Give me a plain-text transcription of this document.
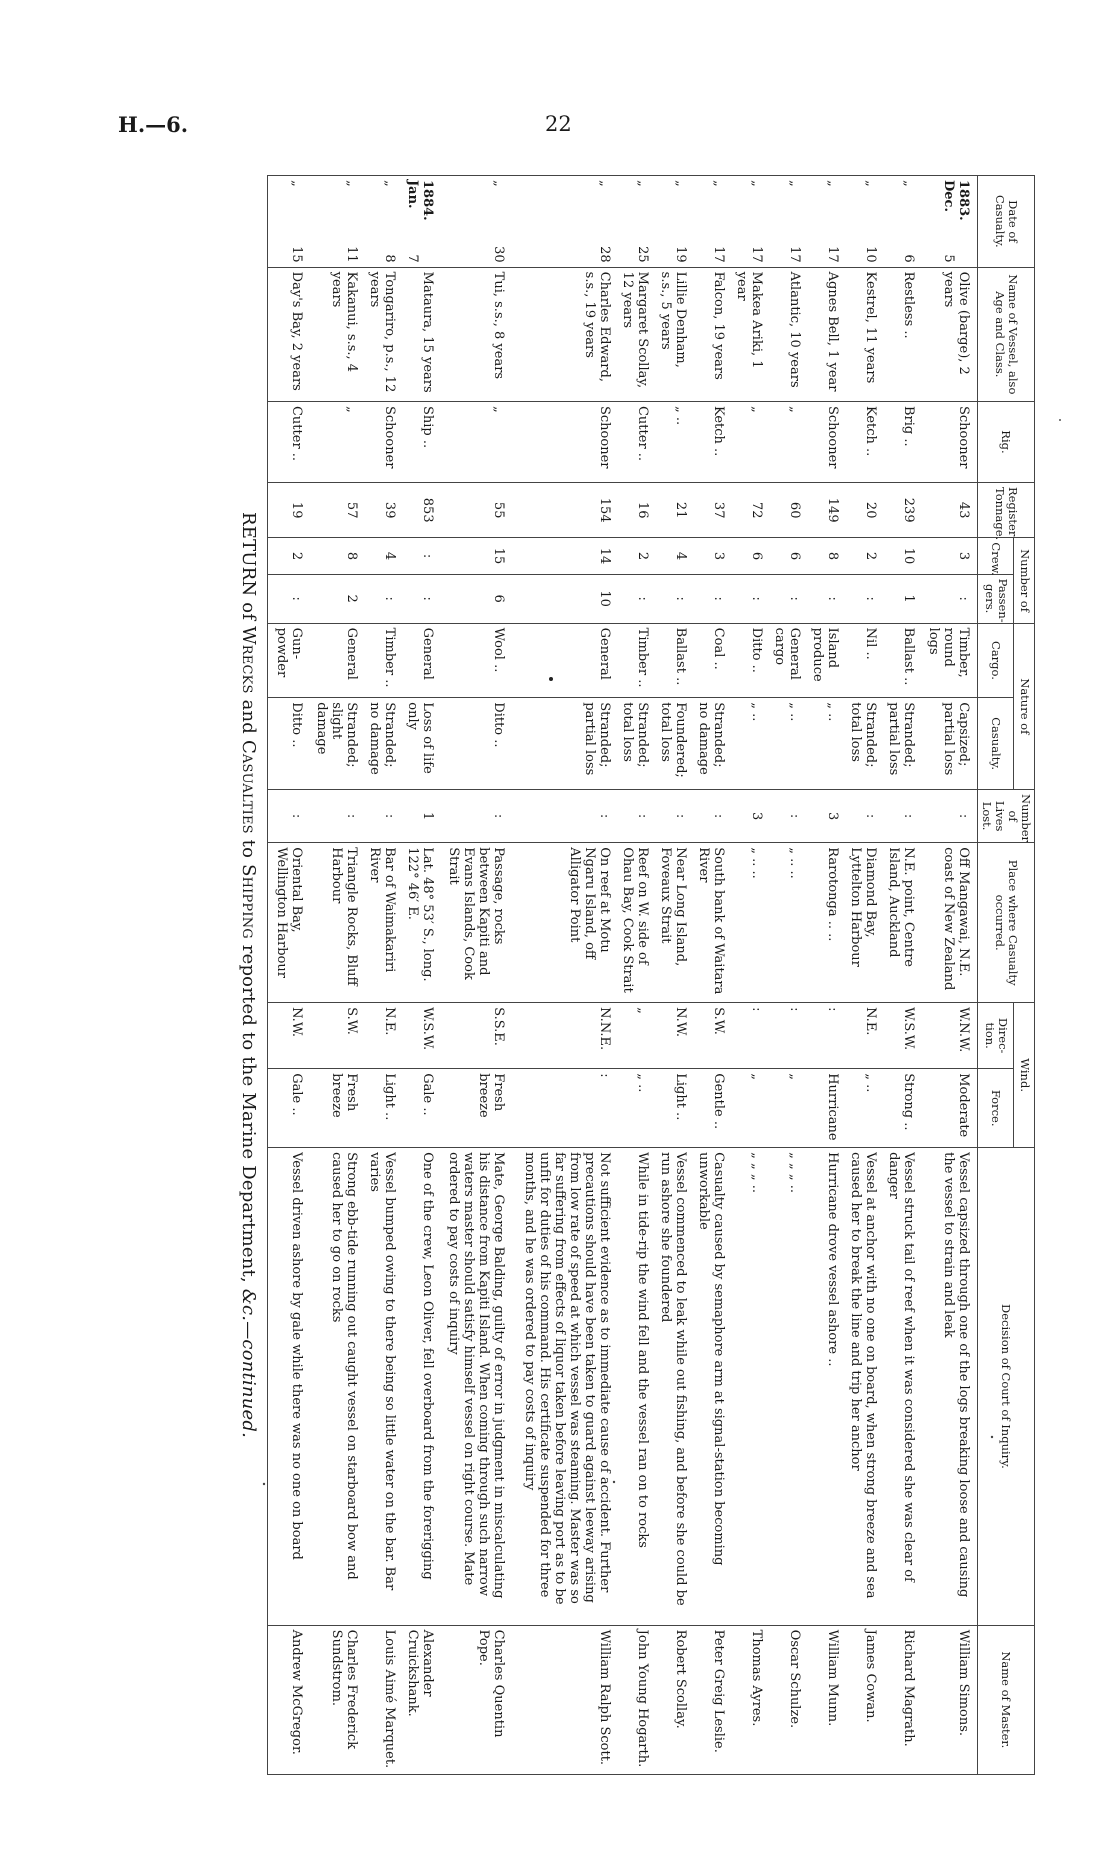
H.—6.	22
Date of Casualty.	Name of Vessel, also Age and Class.	Rig.	Register Tonnage.	Number of		Nature of		Number of Lives Lost.	Place where Casualty occurred.	Wind.		Decision of Court of Inquiry.	Name of Master.
				Crew.	Passen-gers.	Cargo.	Casualty.			Direc-tion.	Force.		

1883.
Dec.
5	Olive (barge), 2 years	Schooner	43	3	:	Timber, round logs	Capsized; partial loss	:	Off Mangawai, N.E. coast of New Zealand	W.N.W.	Moderate	Vessel capsized through one of the logs breaking loose and causing the vessel to strain and leak	William Simons.
„
6	Restless ..	Brig ..	239	10	1	Ballast ..	Stranded; partial loss	:	N.E. point, Centre Island, Auckland	W.S.W.	Strong ..	Vessel struck tail of reef when it was considered she was clear of danger	Richard Magrath.
„
10	Kestrel, 11 years	Ketch ..	20	2	:	Nil ..	Stranded; total loss	:	Diamond Bay, Lyttelton Harbour	N.E.	„ ..	Vessel at anchor with no one on board, when strong breeze and sea caused her to break the line and trip her anchor	James Cowan.
„
17	Agnes Bell, 1 year	Schooner	149	8	:	Island produce	„ ..	3	Rarotonga .. ..	:	Hurricane	Hurricane drove vessel ashore ..	William Munn.
„
17	Atlantic, 10 years	„	60	6	:	General cargo	„ ..	:	„ .. ..	:	„	„ „ „ ..	Oscar Schulze.
„
17	Makea Ariki, 1 year	„	72	6	:	Ditto ..	„ ..	3	„ .. ..	:	„	„ „ „ ..	Thomas Ayres.
„
17	Falcon, 19 years	Ketch ..	37	3	:	Coal ..	Stranded; no damage	:	South bank of Waitara River	S.W.	Gentle ..	Casualty caused by semaphore arm at signal-station becoming unworkable	Peter Greig Leslie.
„
19	Lillie Denham, s.s., 5 years	„ ..	21	4	:	Ballast ..	Foundered; total loss	:	Near Long Island, Foveaux Strait	N.W.	Light ..	Vessel commenced to leak while out fishing, and before she could be run ashore she foundered	Robert Scollay.
„
25	Margaret Scollay, 12 years	Cutter ..	16	2	:	Timber ..	Stranded; total loss	:	Reef on W. side of Ohau Bay, Cook Strait	„	„ ..	While in tide-rip the wind fell and the vessel ran on to rocks	John Young Hogarth.
„
28	Charles Edward, s.s., 19 years	Schooner	154	14	10	General	Stranded; partial loss	:	On reef at Motu Ngaru Island, off Alligator Point	N.N.E.	:	Not sufficient evidence as to immediate cause of accident. Further precautions should have been taken to guard against leeway arising from low rate of speed at which vessel was steaming. Master was so far suffering from effects of liquor taken before leaving port as to be unfit for duties of his command. His certificate suspended for three months, and he was ordered to pay costs of inquiry	William Ralph Scott.
„
30	Tui, s.s., 8 years	„	55	15	6	Wool ..	Ditto ..	:	Passage, rocks between Kapiti and Evans Islands, Cook Strait	S.S.E.	Fresh breeze	Mate, George Balding, guilty of error in judgment in miscalculating his distance from Kapiti Island. When coming through such narrow waters master should satisfy himself vessel on right course. Mate ordered to pay costs of inquiry	Charles Quentin Pope.

1884.
Jan.
7	Mataura, 15 years	Ship ..	853	:	:	General	Loss of life only	1	Lat. 48° 53′ S., long. 122° 46′ E.	W.S.W.	Gale ..	One of the crew, Leon Oliver, fell overboard from the forerigging	Alexander Cruickshank.
„
8	Tongariro, p.s., 12 years	Schooner	39	4	:	Timber ..	Stranded; no damage	:	Bar of Waimakariri River	N.E.	Light ..	Vessel bumped owing to there being so little water on the bar. Bar varies	Louis Aimé Marquet.
„
11	Kakanui, s.s., 4 years	„	57	8	2	General	Stranded; slight damage	:	Triangle Rocks, Bluff Harbour	S.W.	Fresh breeze	Strong ebb-tide running out caught vessel on starboard bow and caused her to go on rocks	Charles Frederick Sundstrom.
„
15	Day's Bay, 2 years	Cutter ..	19	2	:	Gun-powder	Ditto ..	:	Oriental Bay, Wellington Harbour	N.W.	Gale ..	Vessel driven ashore by gale while there was no one on board	Andrew McGregor.
RETURN of Wrecks and Casualties to Shipping reported to the Marine Department, &c.—continued.
